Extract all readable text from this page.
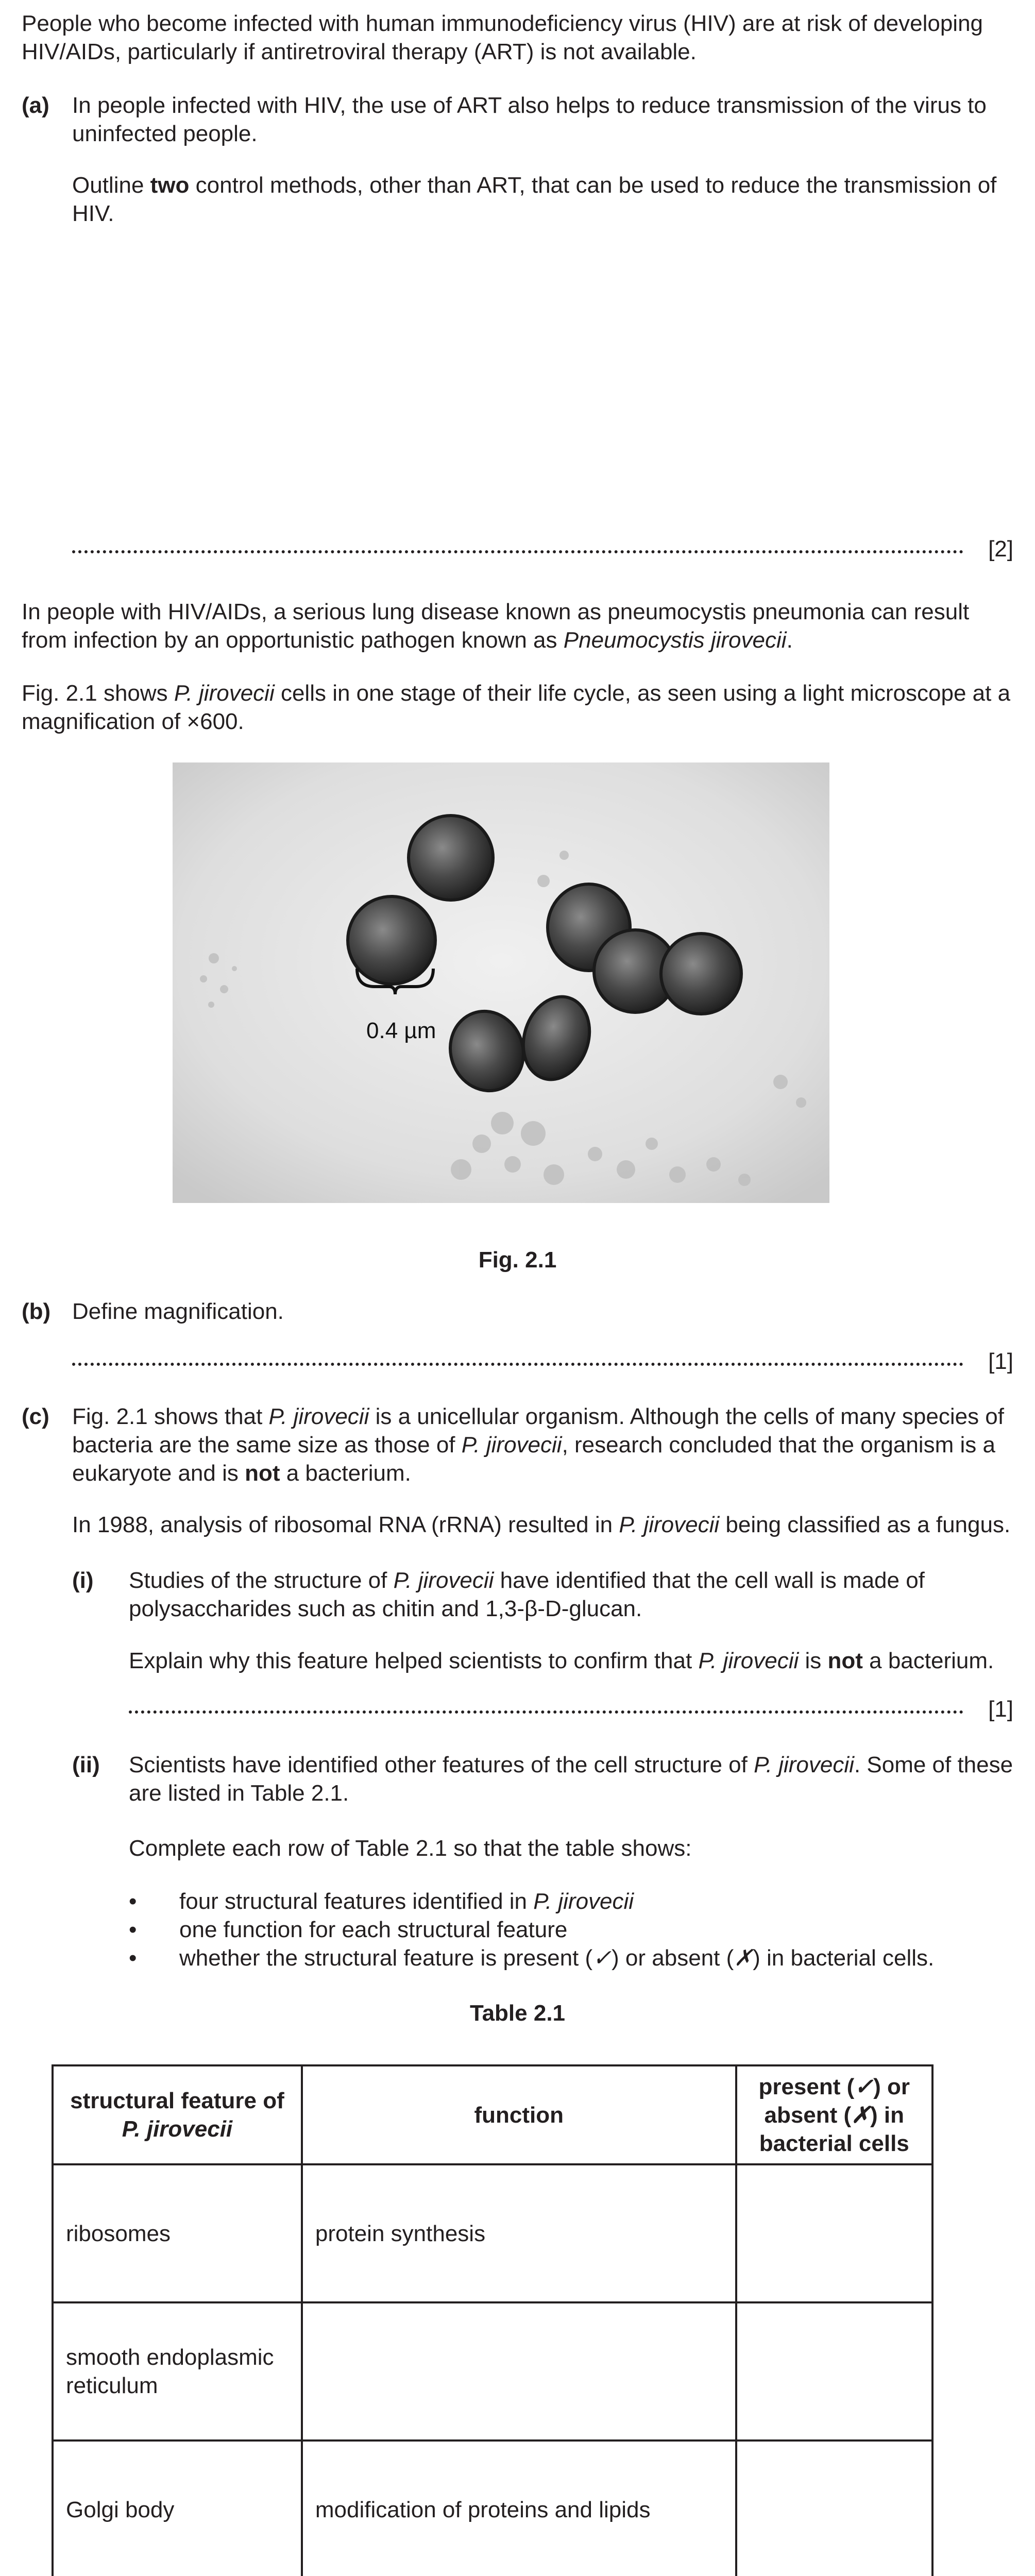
People who become infected with human immunodeficiency virus (HIV) are at risk of developing HIV/AIDs, particularly if antiretroviral therapy (ART) is not available.

(a) In people infected with HIV, the use of ART also helps to reduce transmission of the virus to uninfected people.

Outline two control methods, other than ART, that can be used to reduce the transmission of HIV.

[2]

In people with HIV/AIDs, a serious lung disease known as pneumocystis pneumonia can result from infection by an opportunistic pathogen known as Pneumocystis jirovecii.

Fig. 2.1 shows P. jirovecii cells in one stage of their life cycle, as seen using a light microscope at a magnification of ×600.

0.4 µm
Fig. 2.1
(b) Define magnification.

[1]
(c) Fig. 2.1 shows that P. jirovecii is a unicellular organism. Although the cells of many species of bacteria are the same size as those of P. jirovecii, research concluded that the organism is a eukaryote and is not a bacterium.

In 1988, analysis of ribosomal RNA (rRNA) resulted in P. jirovecii being classified as a fungus.

(i) Studies of the structure of P. jirovecii have identified that the cell wall is made of polysaccharides such as chitin and 1,3-β-D-glucan.

Explain why this feature helped scientists to confirm that P. jirovecii is not a bacterium.

[1]
(ii) Scientists have identified other features of the cell structure of P. jirovecii. Some of these are listed in Table 2.1.

Complete each row of Table 2.1 so that the table shows:

• four structural features identified in P. jirovecii
• one function for each structural feature
• whether the structural feature is present (✓) or absent (✗) in bacterial cells.
Table 2.1
structural feature of
P. jirovecii	function	present (✓) or absent (✗) in bacterial cells
ribosomes	protein synthesis	
smooth endoplasmic reticulum		
Golgi body	modification of proteins and lipids	
